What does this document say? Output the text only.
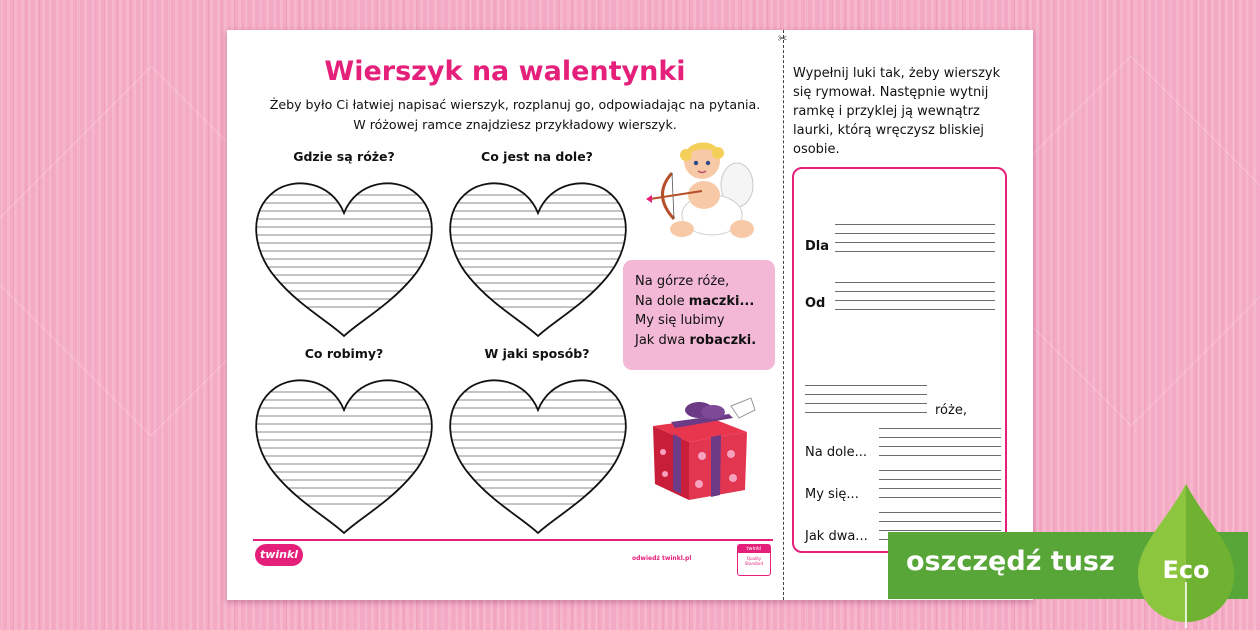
✂
Wierszyk na walentynki
Żeby było Ci łatwiej napisać wierszyk, rozplanuj go, odpowiadając na pytania.
W różowej ramce znajdziesz przykładowy wierszyk.
Gdzie są róże?	Co jest na dole?
Co robimy?	W jaki sposób?
Na górze róże,
Na dole maczki...
My się lubimy
Jak dwa robaczki.
twinkl	odwiedź twinkl.pl
twinkl
Quality Standard
Wypełnij luki tak, żeby wierszyk się rymował. Następnie wytnij ramkę i przyklej ją wewnątrz laurki, którą wręczysz bliskiej osobie.
Dla
Od
róże,
Na dole...
My się...
Jak dwa...
oszczędź tusz Eco
